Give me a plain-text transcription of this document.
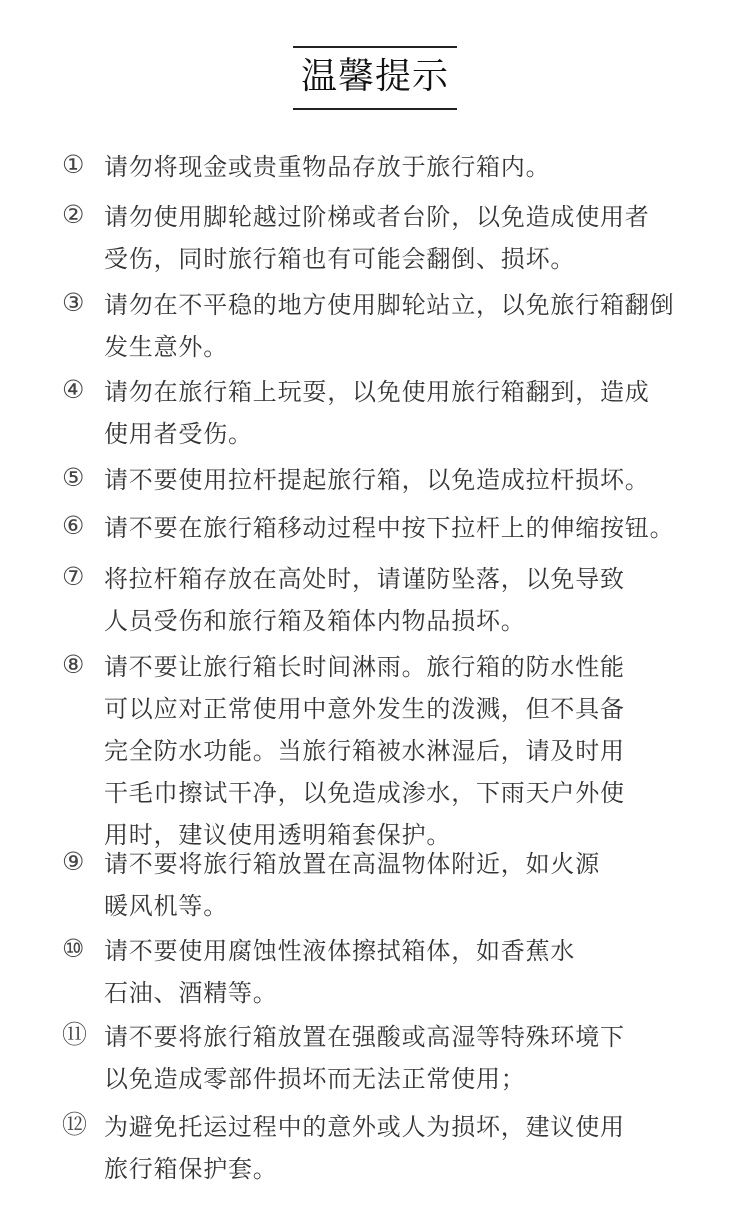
温馨提示
① 请勿将现金或贵重物品存放于旅行箱内。
② 请勿使用脚轮越过阶梯或者台阶，以免造成使用者
受伤，同时旅行箱也有可能会翻倒、损坏。
③ 请勿在不平稳的地方使用脚轮站立，以免旅行箱翻倒
发生意外。
④ 请勿在旅行箱上玩耍，以免使用旅行箱翻到，造成
使用者受伤。
⑤ 请不要使用拉杆提起旅行箱，以免造成拉杆损坏。
⑥ 请不要在旅行箱移动过程中按下拉杆上的伸缩按钮。
⑦ 将拉杆箱存放在高处时，请谨防坠落，以免导致
人员受伤和旅行箱及箱体内物品损坏。
⑧ 请不要让旅行箱长时间淋雨。旅行箱的防水性能
可以应对正常使用中意外发生的泼溅，但不具备
完全防水功能。当旅行箱被水淋湿后，请及时用
干毛巾擦试干净，以免造成渗水，下雨天户外使
用时，建议使用透明箱套保护。
⑨ 请不要将旅行箱放置在高温物体附近，如火源
暖风机等。
⑩ 请不要使用腐蚀性液体擦拭箱体，如香蕉水
石油、酒精等。
⑪ 请不要将旅行箱放置在强酸或高湿等特殊环境下
以免造成零部件损坏而无法正常使用；
⑫ 为避免托运过程中的意外或人为损坏，建议使用
旅行箱保护套。
